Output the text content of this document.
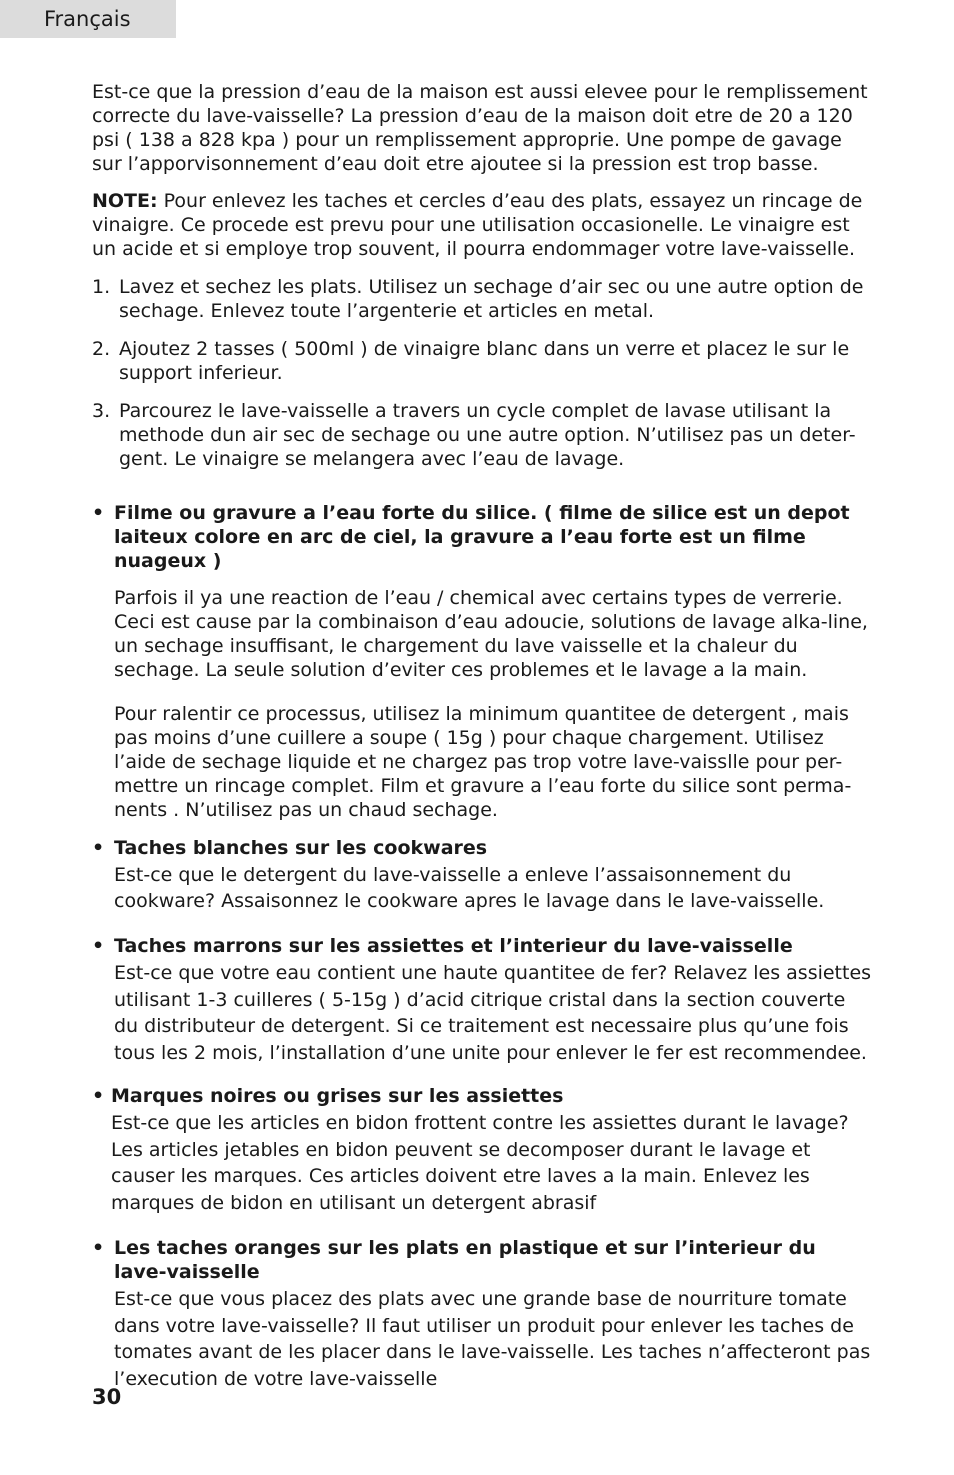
Français

Est-ce que la pression d’eau de la maison est aussi elevee pour le remplissement correcte du lave-vaisselle? La pression d’eau de la maison doit etre de 20 a 120 psi ( 138 a 828 kpa ) pour un remplissement approprie. Une pompe de gavage sur l’apporvisonnement d’eau doit etre ajoutee si la pression est trop basse.

NOTE: Pour enlevez les taches et cercles d’eau des plats, essayez un rincage de vinaigre. Ce procede est prevu pour une utilisation occasionelle. Le vinaigre est un acide et si employe trop souvent, il pourra endommager votre lave-vaisselle.

1. Lavez et sechez les plats. Utilisez un sechage d’air sec ou une autre option de sechage. Enlevez toute l’argenterie et articles en metal.
2. Ajoutez 2 tasses ( 500ml ) de vinaigre blanc dans un verre et placez le sur le support inferieur.
3. Parcourez le lave-vaisselle a travers un cycle complet de lavase utilisant la methode dun air sec de sechage ou une autre option. N’utilisez pas un deter-gent. Le vinaigre se melangera avec l’eau de lavage.
• Filme ou gravure a l’eau forte du silice. ( filme de silice est un depot laiteux colore en arc de ciel, la gravure a l’eau forte est un filme nuageux )

Parfois il ya une reaction de l’eau / chemical avec certains types de verrerie. Ceci est cause par la combinaison d’eau adoucie, solutions de lavage alka-line, un sechage insuffisant, le chargement du lave vaisselle et la chaleur du sechage. La seule solution d’eviter ces problemes et le lavage a la main.

Pour ralentir ce processus, utilisez la minimum quantitee de detergent , mais pas moins d’une cuillere a soupe ( 15g ) pour chaque chargement. Utilisez l’aide de sechage liquide et ne chargez pas trop votre lave-vaisslle pour per-mettre un rincage complet. Film et gravure a l’eau forte du silice sont perma-nents . N’utilisez pas un chaud sechage.

• Taches blanches sur les cookwares

Est-ce que le detergent du lave-vaisselle a enleve l’assaisonnement du cookware? Assaisonnez le cookware apres le lavage dans le lave-vaisselle.

• Taches marrons sur les assiettes et l’interieur du lave-vaisselle

Est-ce que votre eau contient une haute quantitee de fer? Relavez les assiettes utilisant 1-3 cuilleres ( 5-15g ) d’acid citrique cristal dans la section couverte du distributeur de detergent. Si ce traitement est necessaire plus qu’une fois tous les 2 mois, l’installation d’une unite pour enlever le fer est recommendee.

• Marques noires ou grises sur les assiettes

Est-ce que les articles en bidon frottent contre les assiettes durant le lavage? Les articles jetables en bidon peuvent se decomposer durant le lavage et causer les marques. Ces articles doivent etre laves a la main. Enlevez les marques de bidon en utilisant un detergent abrasif

• Les taches oranges sur les plats en plastique et sur l’interieur du lave-vaisselle

Est-ce que vous placez des plats avec une grande base de nourriture tomate dans votre lave-vaisselle? Il faut utiliser un produit pour enlever les taches de tomates avant de les placer dans le lave-vaisselle. Les taches n’affecteront pas l’execution de votre lave-vaisselle

30
